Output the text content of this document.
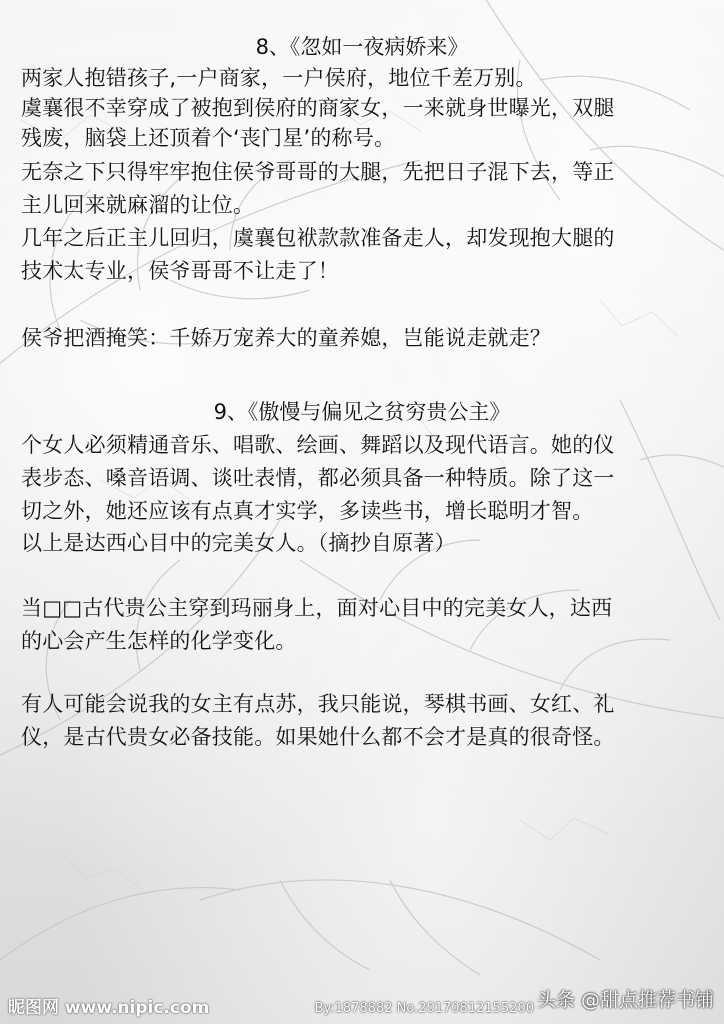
8、《忽如一夜病娇来》
两家人抱错孩子,一户商家，一户侯府，地位千差万别。
虞襄很不幸穿成了被抱到侯府的商家女，一来就身世曝光，双腿
残废，脑袋上还顶着个‘丧门星’的称号。
无奈之下只得牢牢抱住侯爷哥哥的大腿，先把日子混下去，等正
主儿回来就麻溜的让位。
几年之后正主儿回归，虞襄包袱款款准备走人，却发现抱大腿的
技术太专业，侯爷哥哥不让走了！
侯爷把酒掩笑：千娇万宠养大的童养媳，岂能说走就走？
9、《傲慢与偏见之贫穷贵公主》
个女人必须精通音乐、唱歌、绘画、舞蹈以及现代语言。她的仪
表步态、嗓音语调、谈吐表情，都必须具备一种特质。除了这一
切之外，她还应该有点真才实学，多读些书，增长聪明才智。
以上是达西心目中的完美女人。（摘抄自原著）
当□□古代贵公主穿到玛丽身上，面对心目中的完美女人，达西
的心会产生怎样的化学变化。
有人可能会说我的女主有点苏，我只能说，琴棋书画、女红、礼
仪，是古代贵女必备技能。如果她什么都不会才是真的很奇怪。
昵图网 www.nipic.com	By:1878882 No.20170812155200 头条 @甜点推荐书铺
